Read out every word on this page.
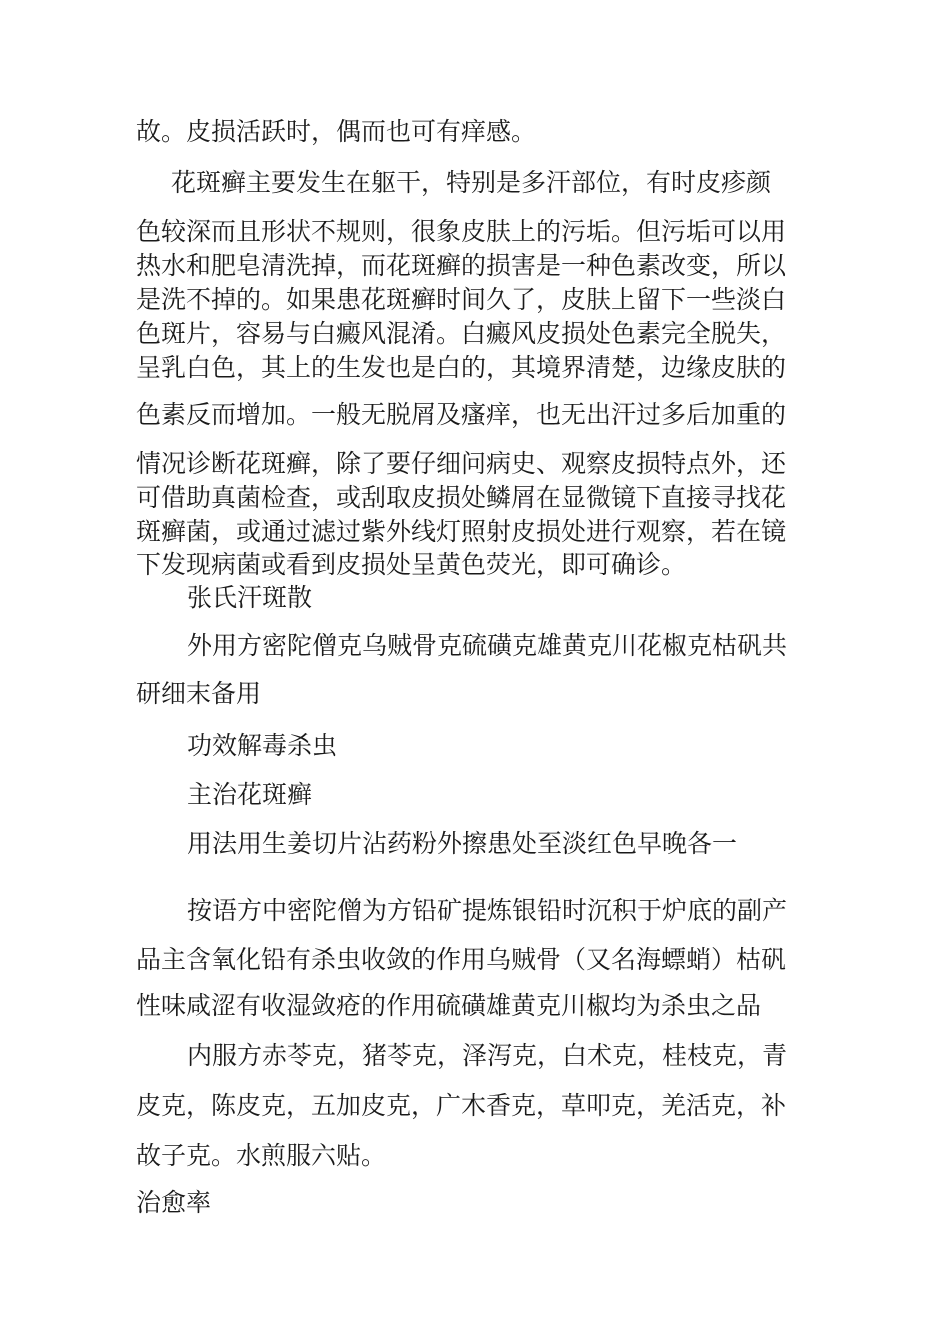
故。皮损活跃时，偶而也可有痒感。
花斑癣主要发生在躯干，特别是多汗部位，有时皮疹颜
色较深而且形状不规则，很象皮肤上的污垢。但污垢可以用
热水和肥皂清洗掉，而花斑癣的损害是一种色素改变，所以
是洗不掉的。如果患花斑癣时间久了，皮肤上留下一些淡白
色斑片，容易与白癜风混淆。白癜风皮损处色素完全脱失，
呈乳白色，其上的生发也是白的，其境界清楚，边缘皮肤的
色素反而增加。一般无脱屑及瘙痒，也无出汗过多后加重的
情况诊断花斑癣，除了要仔细问病史、观察皮损特点外，还
可借助真菌检查，或刮取皮损处鳞屑在显微镜下直接寻找花
斑癣菌，或通过滤过紫外线灯照射皮损处进行观察，若在镜
下发现病菌或看到皮损处呈黄色荧光，即可确诊。
张氏汗斑散
外用方密陀僧克乌贼骨克硫磺克雄黄克川花椒克枯矾共
研细末备用
功效解毒杀虫
主治花斑癣
用法用生姜切片沾药粉外擦患处至淡红色早晚各一
按语方中密陀僧为方铅矿提炼银铅时沉积于炉底的副产
品主含氧化铅有杀虫收敛的作用乌贼骨（又名海螵蛸）枯矾
性味咸涩有收湿敛疮的作用硫磺雄黄克川椒均为杀虫之品
内服方赤苓克，猪苓克，泽泻克，白术克，桂枝克，青
皮克，陈皮克，五加皮克，广木香克，草叩克，羌活克，补
故子克。水煎服六贴。
治愈率
